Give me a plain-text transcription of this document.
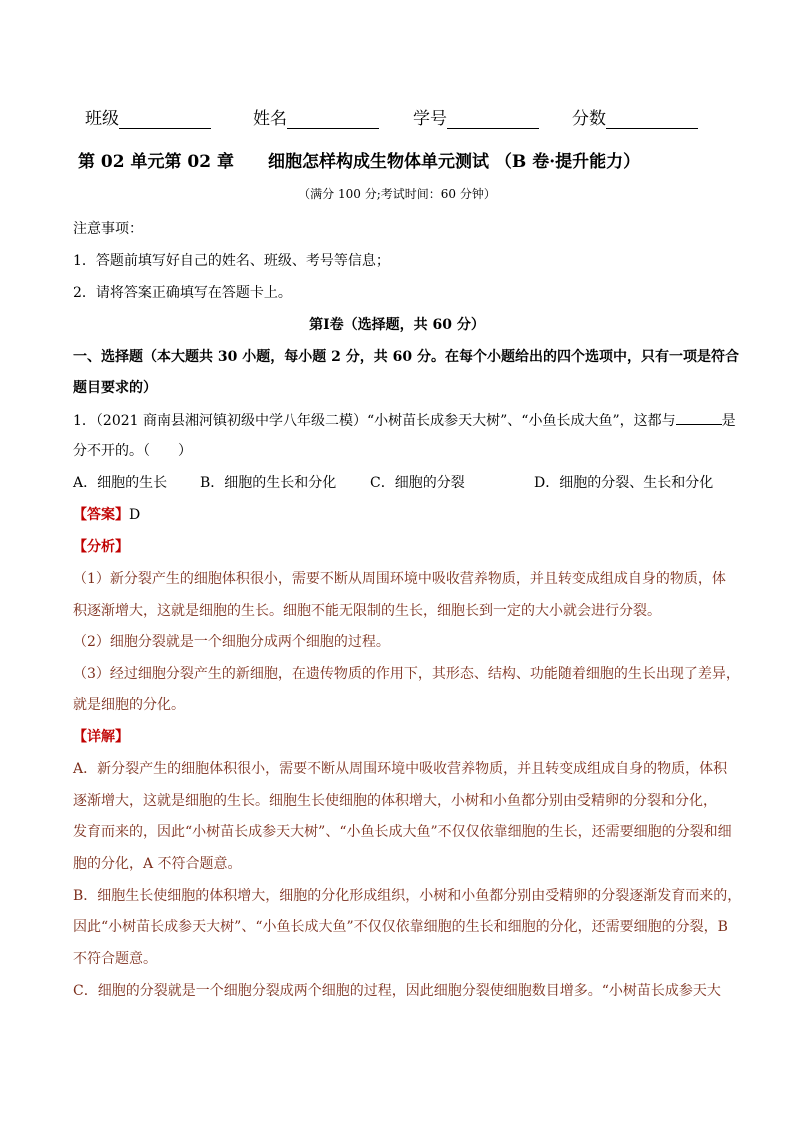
班级	姓名	学号	分数
第 02 单元第 02 章　　细胞怎样构成生物体单元测试 （B 卷·提升能力）
（满分 100 分;考试时间：60 分钟）
注意事项：
1．答题前填写好自己的姓名、班级、考号等信息；
2．请将答案正确填写在答题卡上。
第Ⅰ卷（选择题，共 60 分）
一、选择题（本大题共 30 小题，每小题 2 分，共 60 分。在每个小题给出的四个选项中，只有一项是符合
题目要求的）
1．（2021 商南县湘河镇初级中学八年级二模）“小树苗长成参天大树”、“小鱼长成大鱼”，这都与	是
分不开的。（　　）
A．细胞的生长 B．细胞的生长和分化 C．细胞的分裂	D．细胞的分裂、生长和分化
【答案】D
【分析】
（1）新分裂产生的细胞体积很小，需要不断从周围环境中吸收营养物质，并且转变成组成自身的物质，体
积逐渐增大，这就是细胞的生长。细胞不能无限制的生长，细胞长到一定的大小就会进行分裂。
（2）细胞分裂就是一个细胞分成两个细胞的过程。
（3）经过细胞分裂产生的新细胞，在遗传物质的作用下，其形态、结构、功能随着细胞的生长出现了差异，
就是细胞的分化。
【详解】
A．新分裂产生的细胞体积很小，需要不断从周围环境中吸收营养物质，并且转变成组成自身的物质，体积
逐渐增大，这就是细胞的生长。细胞生长使细胞的体积增大，小树和小鱼都分别由受精卵的分裂和分化，
发育而来的，因此“小树苗长成参天大树”、“小鱼长成大鱼”不仅仅依靠细胞的生长，还需要细胞的分裂和细
胞的分化，A 不符合题意。
B．细胞生长使细胞的体积增大，细胞的分化形成组织，小树和小鱼都分别由受精卵的分裂逐渐发育而来的，
因此“小树苗长成参天大树”、“小鱼长成大鱼”不仅仅依靠细胞的生长和细胞的分化，还需要细胞的分裂，B
不符合题意。
C．细胞的分裂就是一个细胞分裂成两个细胞的过程，因此细胞分裂使细胞数目增多。“小树苗长成参天大
